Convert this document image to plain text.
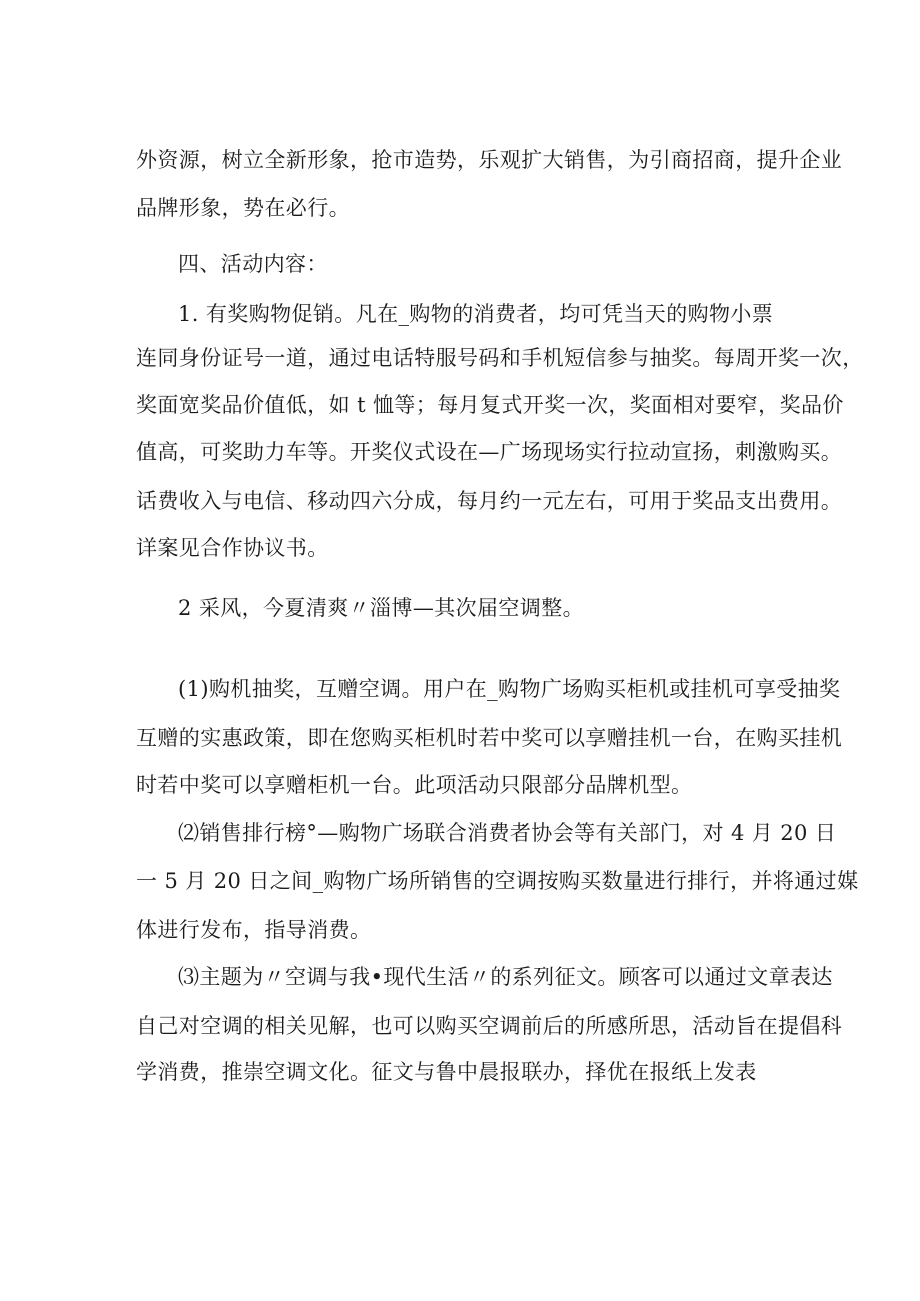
外资源，树立全新形象，抢市造势，乐观扩大销售，为引商招商，提升企业
品牌形象，势在必行。
四、活动内容：
1. 有奖购物促销。凡在_购物的消费者，均可凭当天的购物小票
连同身份证号一道，通过电话特服号码和手机短信参与抽奖。每周开奖一次，
奖面宽奖品价值低，如 t 恤等；每月复式开奖一次，奖面相对要窄，奖品价
值高，可奖助力车等。开奖仪式设在—广场现场实行拉动宣扬，刺激购买。
话费收入与电信、移动四六分成，每月约一元左右，可用于奖品支出费用。
详案见合作协议书。
2 采风，今夏清爽〃淄博—其次届空调整。
(1)购机抽奖，互赠空调。用户在_购物广场购买柜机或挂机可享受抽奖
互赠的实惠政策，即在您购买柜机时若中奖可以享赠挂机一台，在购买挂机
时若中奖可以享赠柜机一台。此项活动只限部分品牌机型。
⑵销售排行榜°—购物广场联合消费者协会等有关部门，对 4 月 20 日
一 5 月 20 日之间_购物广场所销售的空调按购买数量进行排行，并将通过媒
体进行发布，指导消费。
⑶主题为〃空调与我•现代生活〃的系列征文。顾客可以通过文章表达
自己对空调的相关见解，也可以购买空调前后的所感所思，活动旨在提倡科
学消费，推崇空调文化。征文与鲁中晨报联办，择优在报纸上发表
